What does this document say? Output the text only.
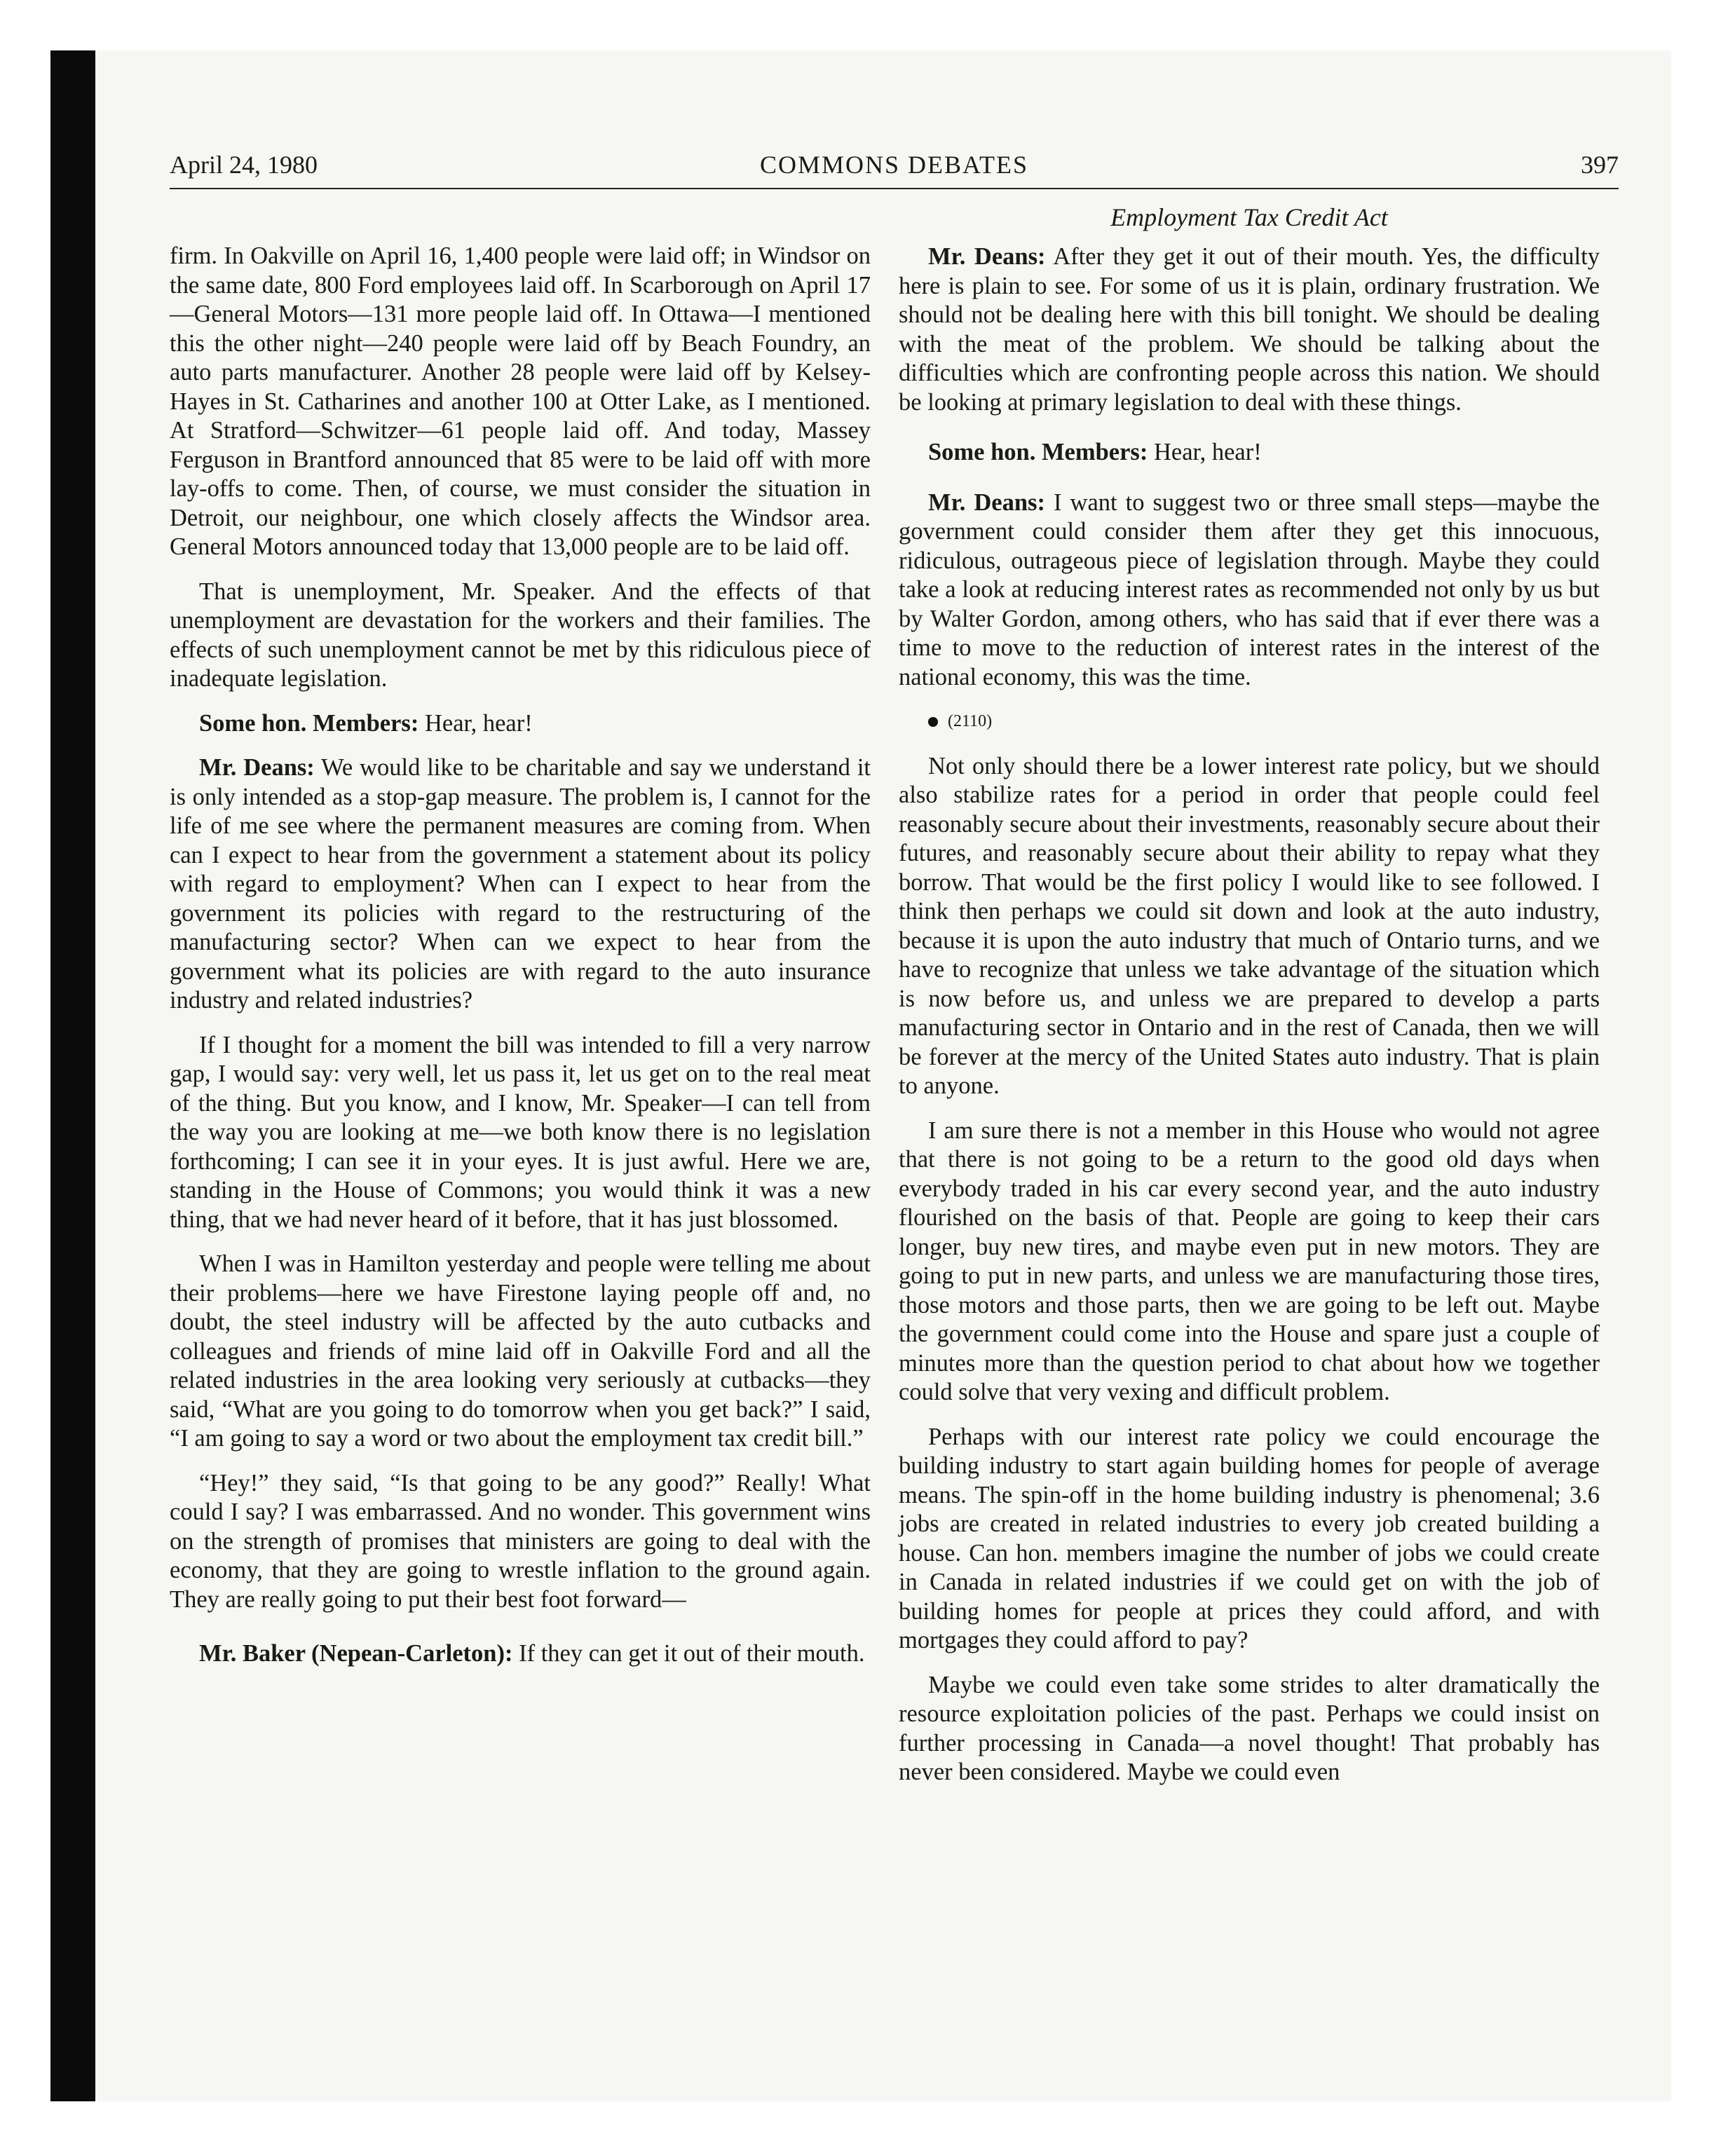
April 24, 1980	COMMONS DEBATES	397

firm. In Oakville on April 16, 1,400 people were laid off; in Windsor on the same date, 800 Ford employees laid off. In Scarborough on April 17—General Motors—131 more people laid off. In Ottawa—I mentioned this the other night—240 people were laid off by Beach Foundry, an auto parts manufacturer. Another 28 people were laid off by Kelsey-Hayes in St. Catharines and another 100 at Otter Lake, as I mentioned. At Stratford—Schwitzer—61 people laid off. And today, Massey Ferguson in Brantford announced that 85 were to be laid off with more lay-offs to come. Then, of course, we must consider the situation in Detroit, our neighbour, one which closely affects the Windsor area. General Motors announced today that 13,000 people are to be laid off.

That is unemployment, Mr. Speaker. And the effects of that unemployment are devastation for the workers and their families. The effects of such unemployment cannot be met by this ridiculous piece of inadequate legislation.

Some hon. Members: Hear, hear!

Mr. Deans: We would like to be charitable and say we understand it is only intended as a stop-gap measure. The problem is, I cannot for the life of me see where the permanent measures are coming from. When can I expect to hear from the government a statement about its policy with regard to employment? When can I expect to hear from the government its policies with regard to the restructuring of the manufacturing sector? When can we expect to hear from the government what its policies are with regard to the auto insurance industry and related industries?

If I thought for a moment the bill was intended to fill a very narrow gap, I would say: very well, let us pass it, let us get on to the real meat of the thing. But you know, and I know, Mr. Speaker—I can tell from the way you are looking at me—we both know there is no legislation forthcoming; I can see it in your eyes. It is just awful. Here we are, standing in the House of Commons; you would think it was a new thing, that we had never heard of it before, that it has just blossomed.

When I was in Hamilton yesterday and people were telling me about their problems—here we have Firestone laying people off and, no doubt, the steel industry will be affected by the auto cutbacks and colleagues and friends of mine laid off in Oakville Ford and all the related industries in the area looking very seriously at cutbacks—they said, “What are you going to do tomorrow when you get back?” I said, “I am going to say a word or two about the employment tax credit bill.”

“Hey!” they said, “Is that going to be any good?” Really! What could I say? I was embarrassed. And no wonder. This government wins on the strength of promises that ministers are going to deal with the economy, that they are going to wrestle inflation to the ground again. They are really going to put their best foot forward—

Mr. Baker (Nepean-Carleton): If they can get it out of their mouth.

Employment Tax Credit Act

Mr. Deans: After they get it out of their mouth. Yes, the difficulty here is plain to see. For some of us it is plain, ordinary frustration. We should not be dealing here with this bill tonight. We should be dealing with the meat of the problem. We should be talking about the difficulties which are confronting people across this nation. We should be looking at primary legislation to deal with these things.

Some hon. Members: Hear, hear!

Mr. Deans: I want to suggest two or three small steps—maybe the government could consider them after they get this innocuous, ridiculous, outrageous piece of legislation through. Maybe they could take a look at reducing interest rates as recommended not only by us but by Walter Gordon, among others, who has said that if ever there was a time to move to the reduction of interest rates in the interest of the national economy, this was the time.

(2110)

Not only should there be a lower interest rate policy, but we should also stabilize rates for a period in order that people could feel reasonably secure about their investments, reasonably secure about their futures, and reasonably secure about their ability to repay what they borrow. That would be the first policy I would like to see followed. I think then perhaps we could sit down and look at the auto industry, because it is upon the auto industry that much of Ontario turns, and we have to recognize that unless we take advantage of the situation which is now before us, and unless we are prepared to develop a parts manufacturing sector in Ontario and in the rest of Canada, then we will be forever at the mercy of the United States auto industry. That is plain to anyone.

I am sure there is not a member in this House who would not agree that there is not going to be a return to the good old days when everybody traded in his car every second year, and the auto industry flourished on the basis of that. People are going to keep their cars longer, buy new tires, and maybe even put in new motors. They are going to put in new parts, and unless we are manufacturing those tires, those motors and those parts, then we are going to be left out. Maybe the government could come into the House and spare just a couple of minutes more than the question period to chat about how we together could solve that very vexing and difficult problem.

Perhaps with our interest rate policy we could encourage the building industry to start again building homes for people of average means. The spin-off in the home building industry is phenomenal; 3.6 jobs are created in related industries to every job created building a house. Can hon. members imagine the number of jobs we could create in Canada in related industries if we could get on with the job of building homes for people at prices they could afford, and with mortgages they could afford to pay?

Maybe we could even take some strides to alter dramatically the resource exploitation policies of the past. Perhaps we could insist on further processing in Canada—a novel thought! That probably has never been considered. Maybe we could even
